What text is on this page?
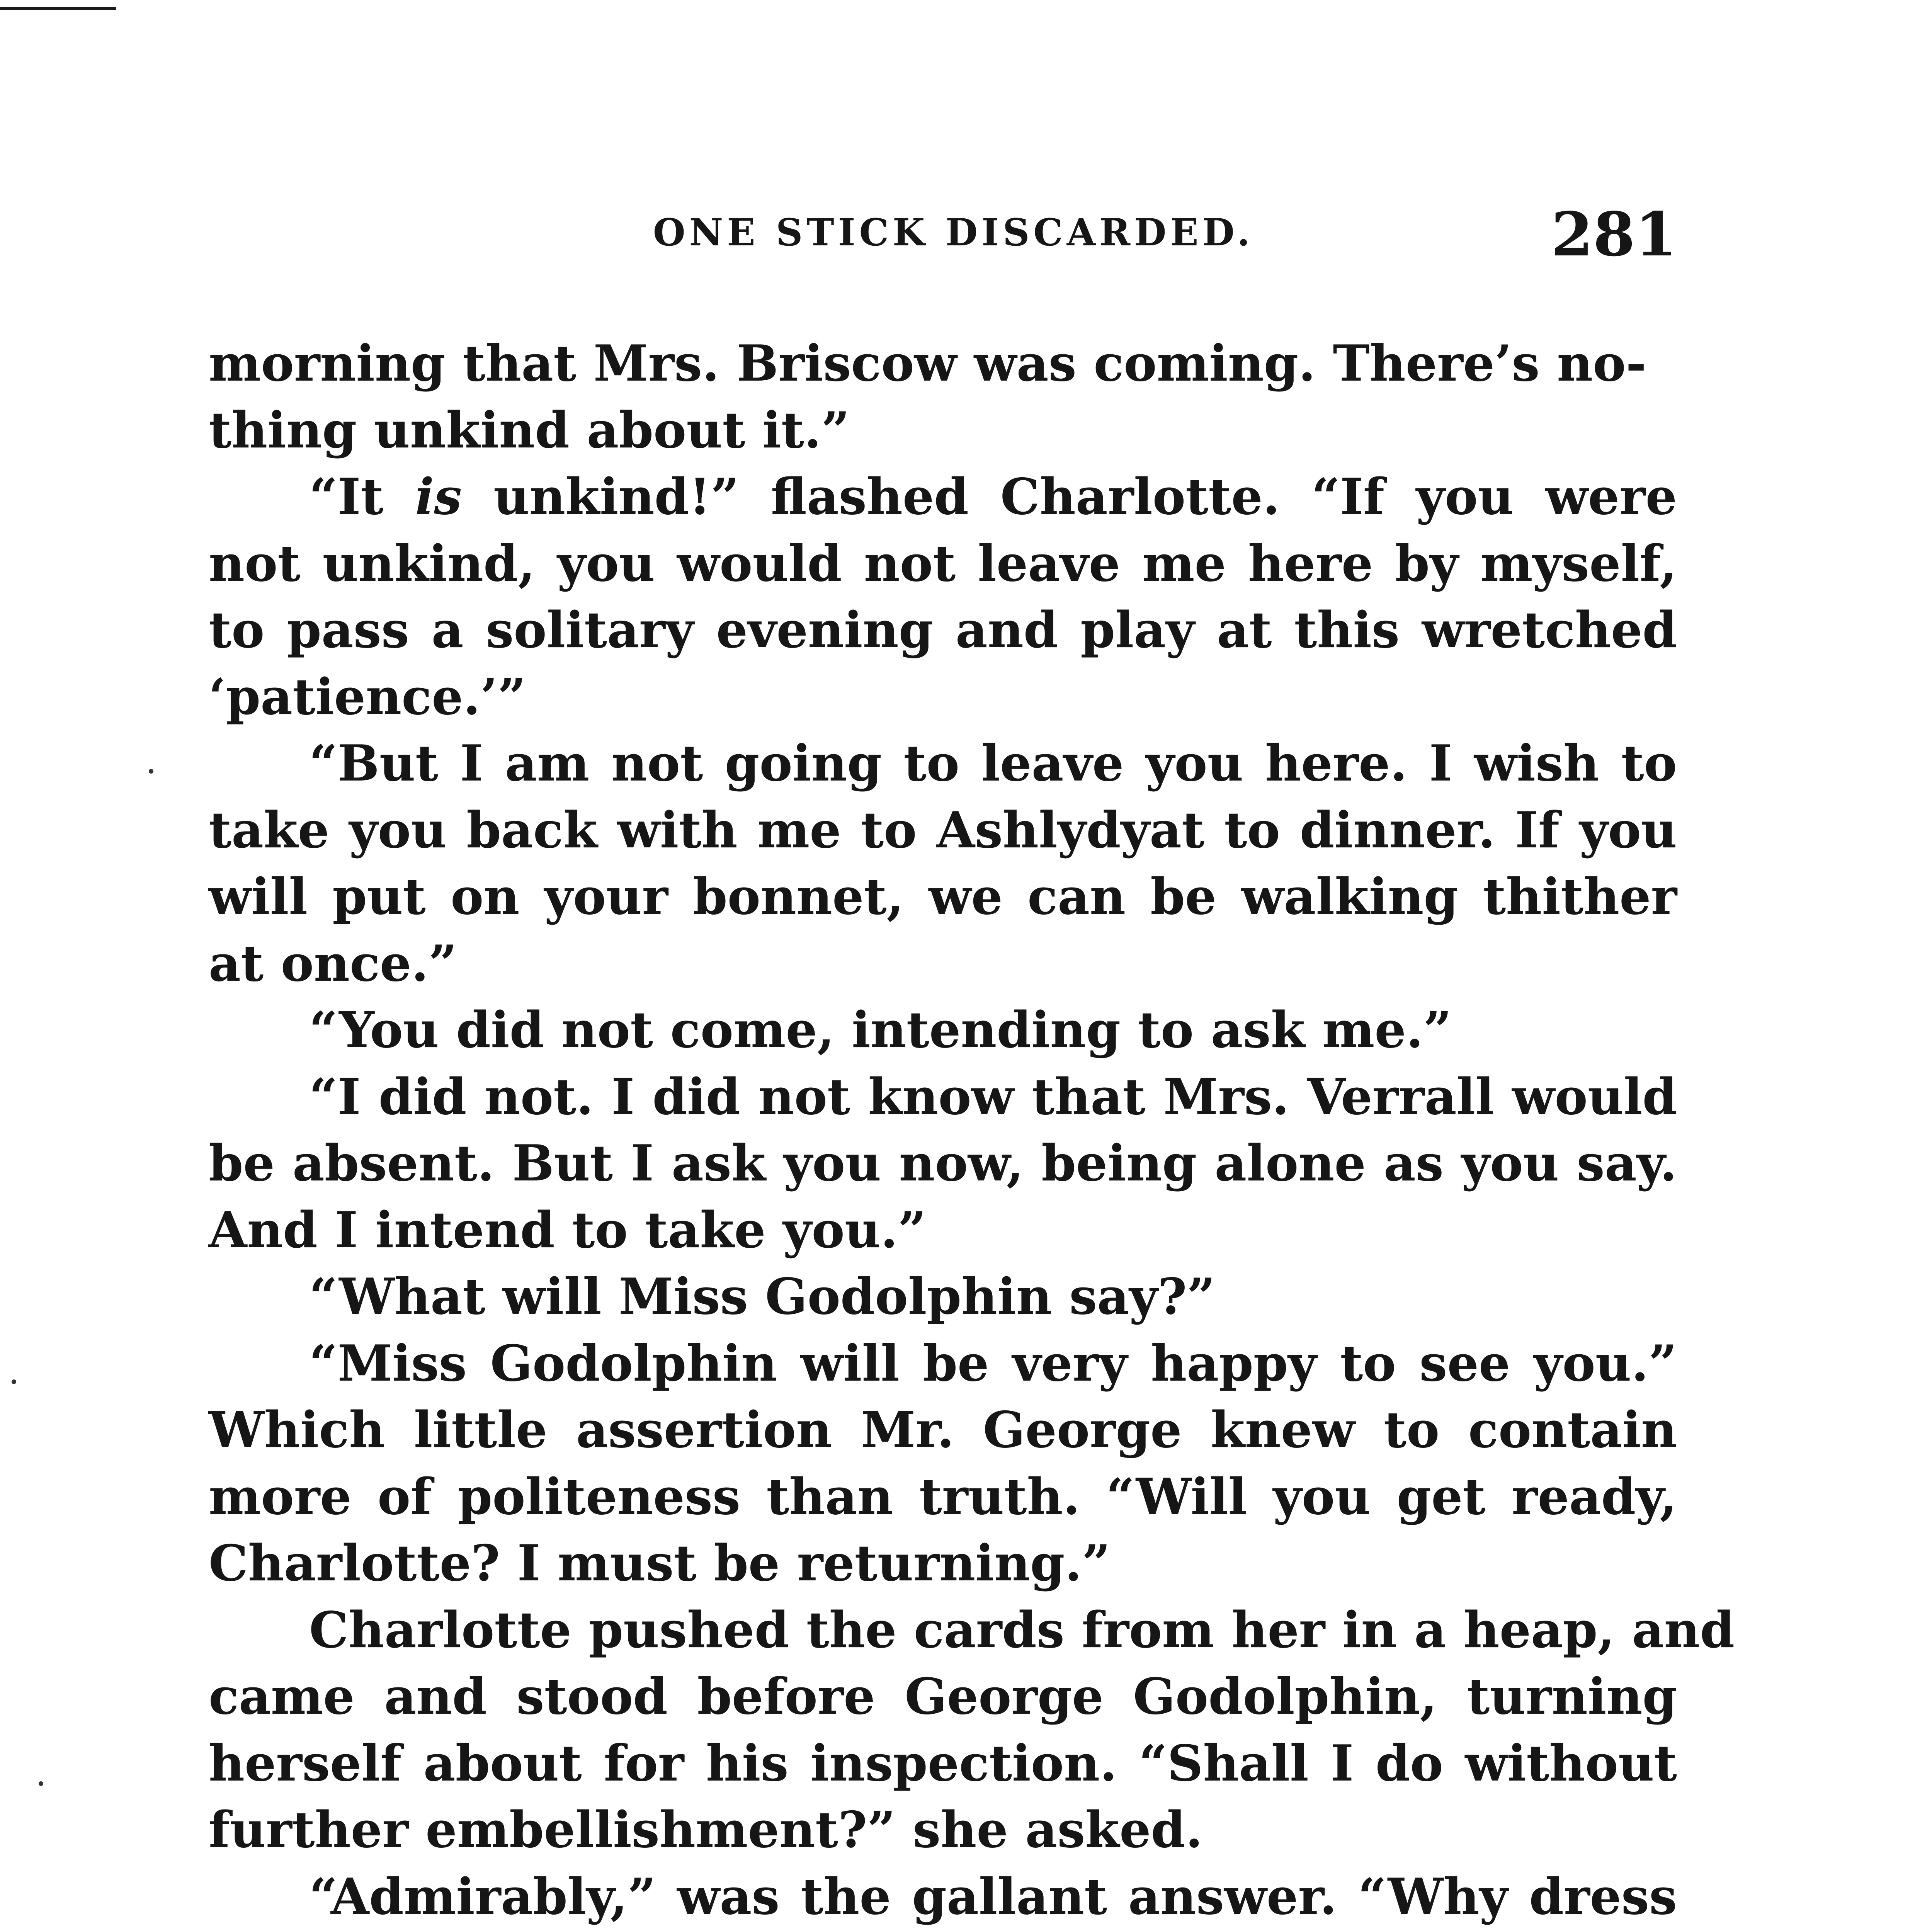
ONE STICK DISCARDED.	281
morning that Mrs. Briscow was coming. There’s no-
thing unkind about it.”
“It is unkind!” flashed Charlotte. “If you were
not unkind, you would not leave me here by myself,
to pass a solitary evening and play at this wretched
‘patience.’”
“But I am not going to leave you here. I wish to
take you back with me to Ashlydyat to dinner. If you
will put on your bonnet, we can be walking thither
at once.”
“You did not come, intending to ask me.”
“I did not. I did not know that Mrs. Verrall would
be absent. But I ask you now, being alone as you say.
And I intend to take you.”
“What will Miss Godolphin say?”
“Miss Godolphin will be very happy to see you.”
Which little assertion Mr. George knew to contain
more of politeness than truth. “Will you get ready,
Charlotte? I must be returning.”
Charlotte pushed the cards from her in a heap, and
came and stood before George Godolphin, turning
herself about for his inspection. “Shall I do without
further embellishment?” she asked.
“Admirably,” was the gallant answer. “Why dress
